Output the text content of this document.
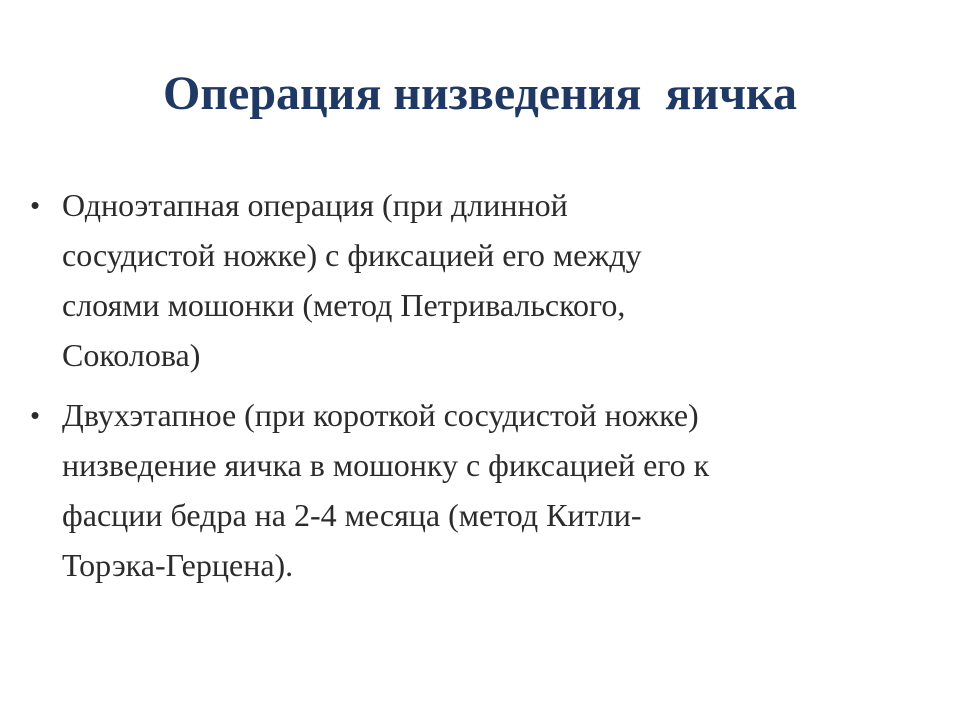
Операция низведения  яичка
• Одноэтапная операция (при длинной
сосудистой ножке) с фиксацией его между
слоями мошонки (метод Петривальского,
Соколова)
• Двухэтапное (при короткой сосудистой ножке)
низведение яичка в мошонку с фиксацией его к
фасции бедра на 2-4 месяца (метод Китли-
Торэка-Герцена).
